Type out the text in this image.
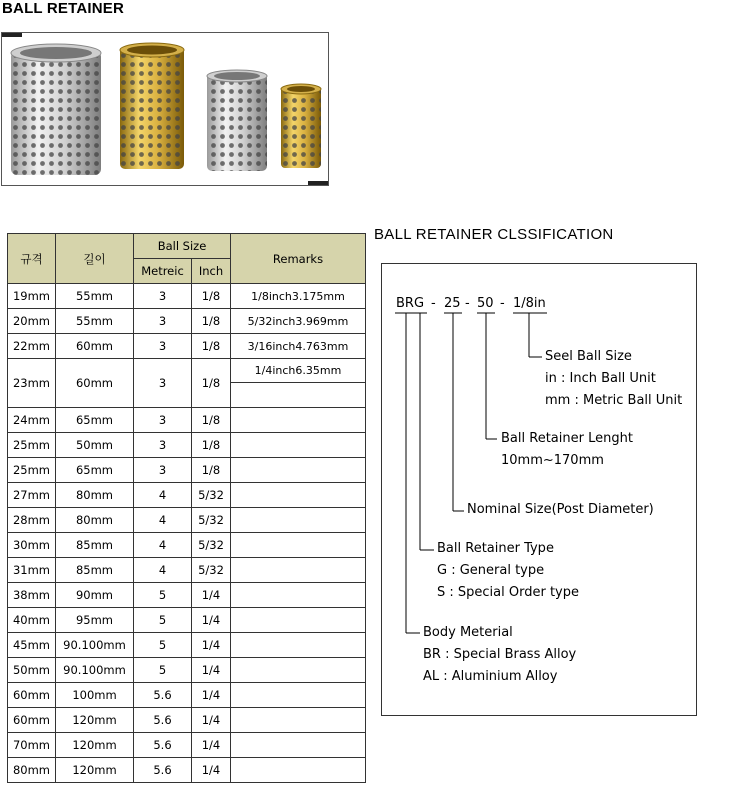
BALL RETAINER
규격	길이	Ball Size		Remarks
		Metreic	Inch	
19mm	55mm	3	1/8	1/8inch3.175mm
20mm	55mm	3	1/8	5/32inch3.969mm
22mm	60mm	3	1/8	3/16inch4.763mm
23mm	60mm	3	1/8	1/4inch6.35mm

24mm	65mm	3	1/8	
25mm	50mm	3	1/8	
25mm	65mm	3	1/8	
27mm	80mm	4	5/32	
28mm	80mm	4	5/32	
30mm	85mm	4	5/32	
31mm	85mm	4	5/32	
38mm	90mm	5	1/4	
40mm	95mm	5	1/4	
45mm	90.100mm	5	1/4	
50mm	90.100mm	5	1/4	
60mm	100mm	5.6	1/4	
60mm	120mm	5.6	1/4	
70mm	120mm	5.6	1/4	
80mm	120mm	5.6	1/4	
BALL RETAINER CLSSIFICATION
BRG - 25 - 50 - 1/8in
Seel Ball Size
in : Inch Ball Unit
mm : Metric Ball Unit
Ball Retainer Lenght
10mm~170mm
Nominal Size(Post Diameter)
Ball Retainer Type
G : General type
S : Special Order type
Body Meterial
BR : Special Brass Alloy
AL : Aluminium Alloy
